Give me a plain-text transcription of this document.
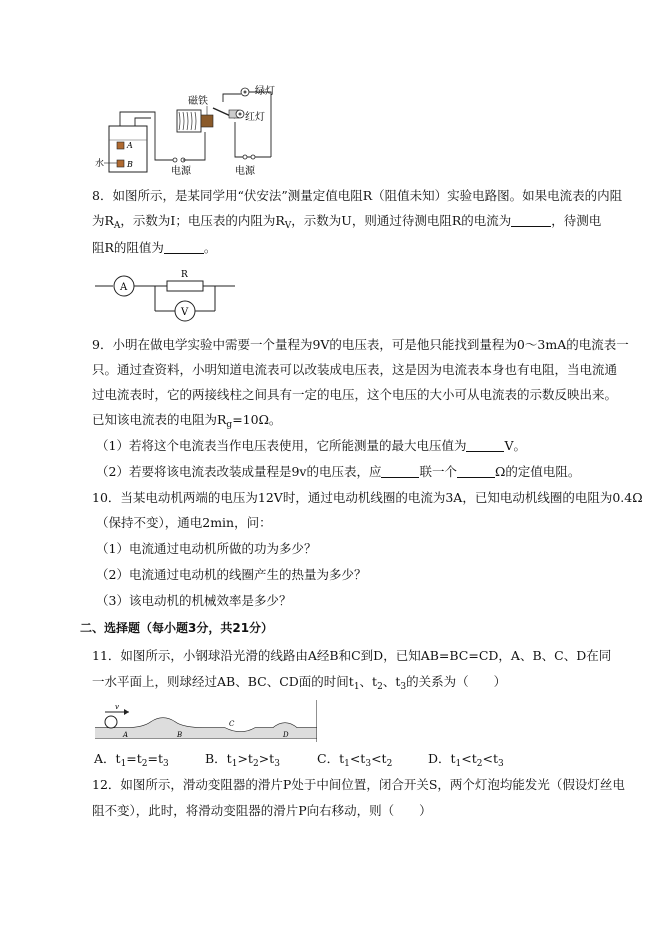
A
B
水
电源
磁铁
绿灯
红灯
电源
8．如图所示，是某同学用“伏安法”测量定值电阻R（阻值未知）实验电路图。如果电流表的内阻
为$R_A$，示数为I；电压表的内阻为$R_V$，示数为U，则通过待测电阻R的电流为	，待测电
阻R的阻值为	。
A
R
V
9．小明在做电学实验中需要一个量程为9V的电压表，可是他只能找到量程为0～3mA的电流表一
只。通过查资料，小明知道电流表可以改装成电压表，这是因为电流表本身也有电阻，当电流通
过电流表时，它的两接线柱之间具有一定的电压，这个电压的大小可从电流表的示数反映出来。
已知该电流表的电阻为$R_g=10\Omega$。
（1）若将这个电流表当作电压表使用，它所能测量的最大电压值为	V。
（2）若要将该电流表改装成量程是9v的电压表，应	联一个	Ω的定值电阻。
10．当某电动机两端的电压为12V时，通过电动机线圈的电流为3A，已知电动机线圈的电阻为0.4Ω
（保持不变），通电2min，问：
（1）电流通过电动机所做的功为多少？
（2）电流通过电动机的线圈产生的热量为多少？
（3）该电动机的机械效率是多少？
二、选择题（每小题3分，共21分）
11．如图所示，小钢球沿光滑的线路由A经B和C到D，已知AB=BC=CD，A、B、C、D在同
一水平面上，则球经过AB、BC、CD面的时间$t_1$、$t_2$、$t_3$的关系为（　　）
v
A	B
C
D
A．$t_1=t_2=t_3$	B．$t_1>t_2>t_3$	C．$t_1<t_3<t_2$	D．$t_1<t_2<t_3$
12．如图所示，滑动变阻器的滑片P处于中间位置，闭合开关S，两个灯泡均能发光（假设灯丝电
阻不变），此时，将滑动变阻器的滑片P向右移动，则（　　）
